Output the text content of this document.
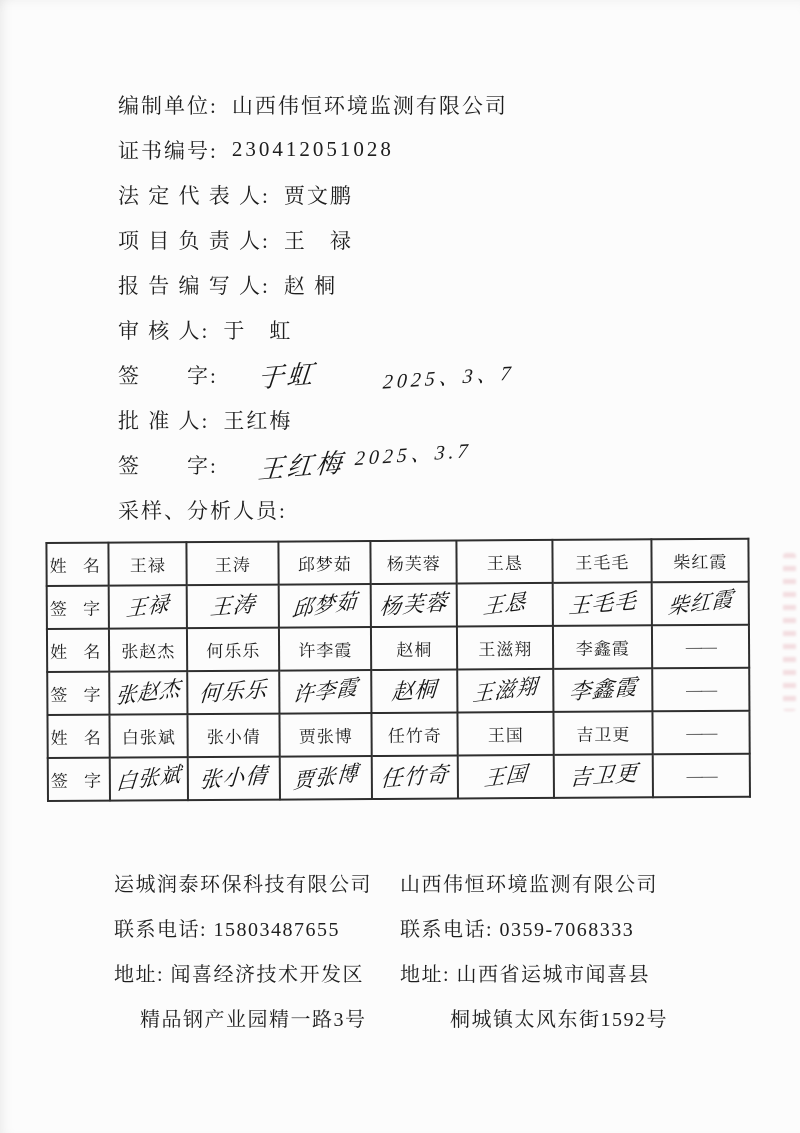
编制单位: 山西伟恒环境监测有限公司
证书编号: 230412051028
法 定 代 表 人: 贾文鹏
项 目 负 责 人: 王　禄
报 告 编 写 人: 赵 桐
审 核 人: 于　虹
签　　字: 于虹	2025、3、7
批 准 人: 王红梅
签　　字: 王红梅 2025、3.7
采样、分析人员:
姓 名	王禄	王涛	邱梦茹	杨芙蓉	王恳	王毛毛	柴红霞
签 字	王禄	王涛	邱梦茹	杨芙蓉	王恳	王毛毛	柴红霞
姓 名	张赵杰	何乐乐	许李霞	赵桐	王滋翔	李鑫霞	——
签 字	张赵杰	何乐乐	许李霞	赵桐	王滋翔	李鑫霞	——
姓 名	白张斌	张小倩	贾张博	任竹奇	王国	吉卫更	——
签 字	白张斌	张小倩	贾张博	任竹奇	王国	吉卫更	——
运城润泰环保科技有限公司
联系电话: 15803487655
地址: 闻喜经济技术开发区
精品钢产业园精一路3号
山西伟恒环境监测有限公司
联系电话: 0359-7068333
地址: 山西省运城市闻喜县
桐城镇太风东街1592号
